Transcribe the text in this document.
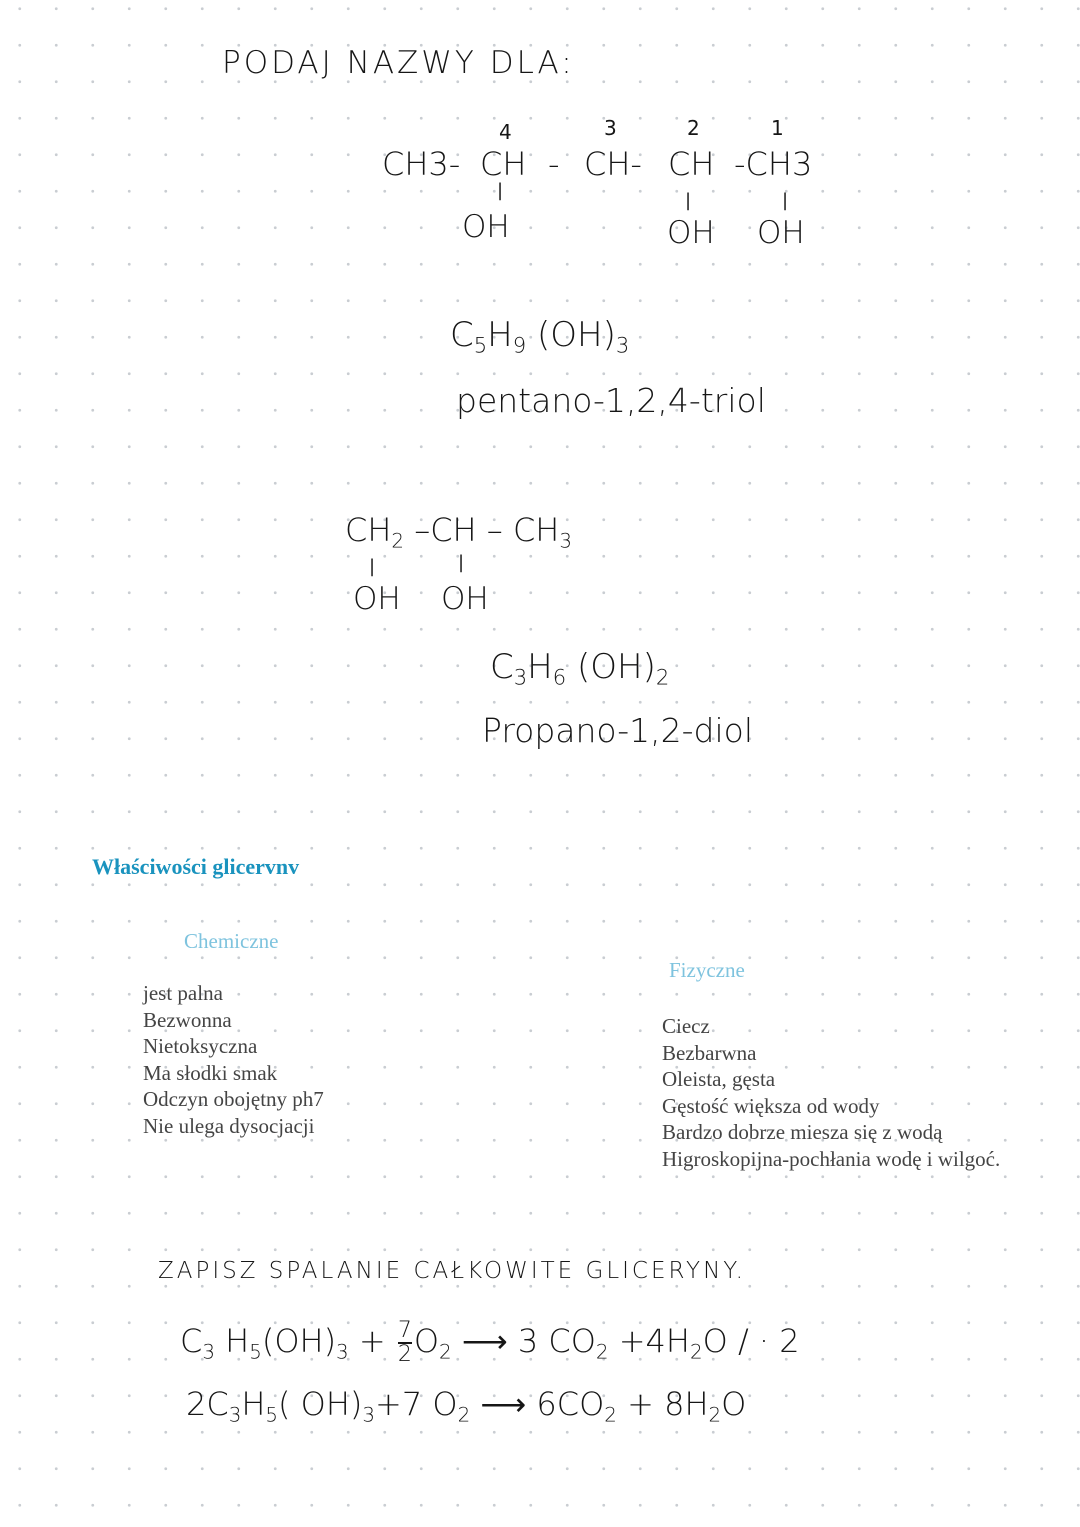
PODAJ NAZWY DLA:
4	3	2	1
CH3- CH - CH- CH -CH3
|	|	|
OH	OH OH
$C_5H_9$ $(OH)_3$
pentano-1,2,4-triol
$CH_2$ $-CH - CH_3$
|	|
OH OH
$C_3H_6$ $(OH)_2$
Propano-1,2-diol
Właściwości glicervnv
Chemiczne
jest palna
Bezwonna
Nietoksyczna
Ma słodki smak
Odczyn obojętny ph7
Nie ulega dysocjacji
Fizyczne
Ciecz
Bezbarwna
Oleista, gęsta
Gęstość większa od wody
Bardzo dobrze miesza się z wodą
Higroskopijna-pochłania wodę i wilgoć.
ZAPISZ SPALANIE CAŁKOWITE GLICERYNY.
$C_3$ $H_5(OH)_3 + \frac{7}{2} O_2$ ⟶ 3 $CO_2 +4H_2O$ / · 2
$2C_3H_5$( $OH)_3+7$ $O_2$ ⟶ $6CO_2 + 8H_2O$
